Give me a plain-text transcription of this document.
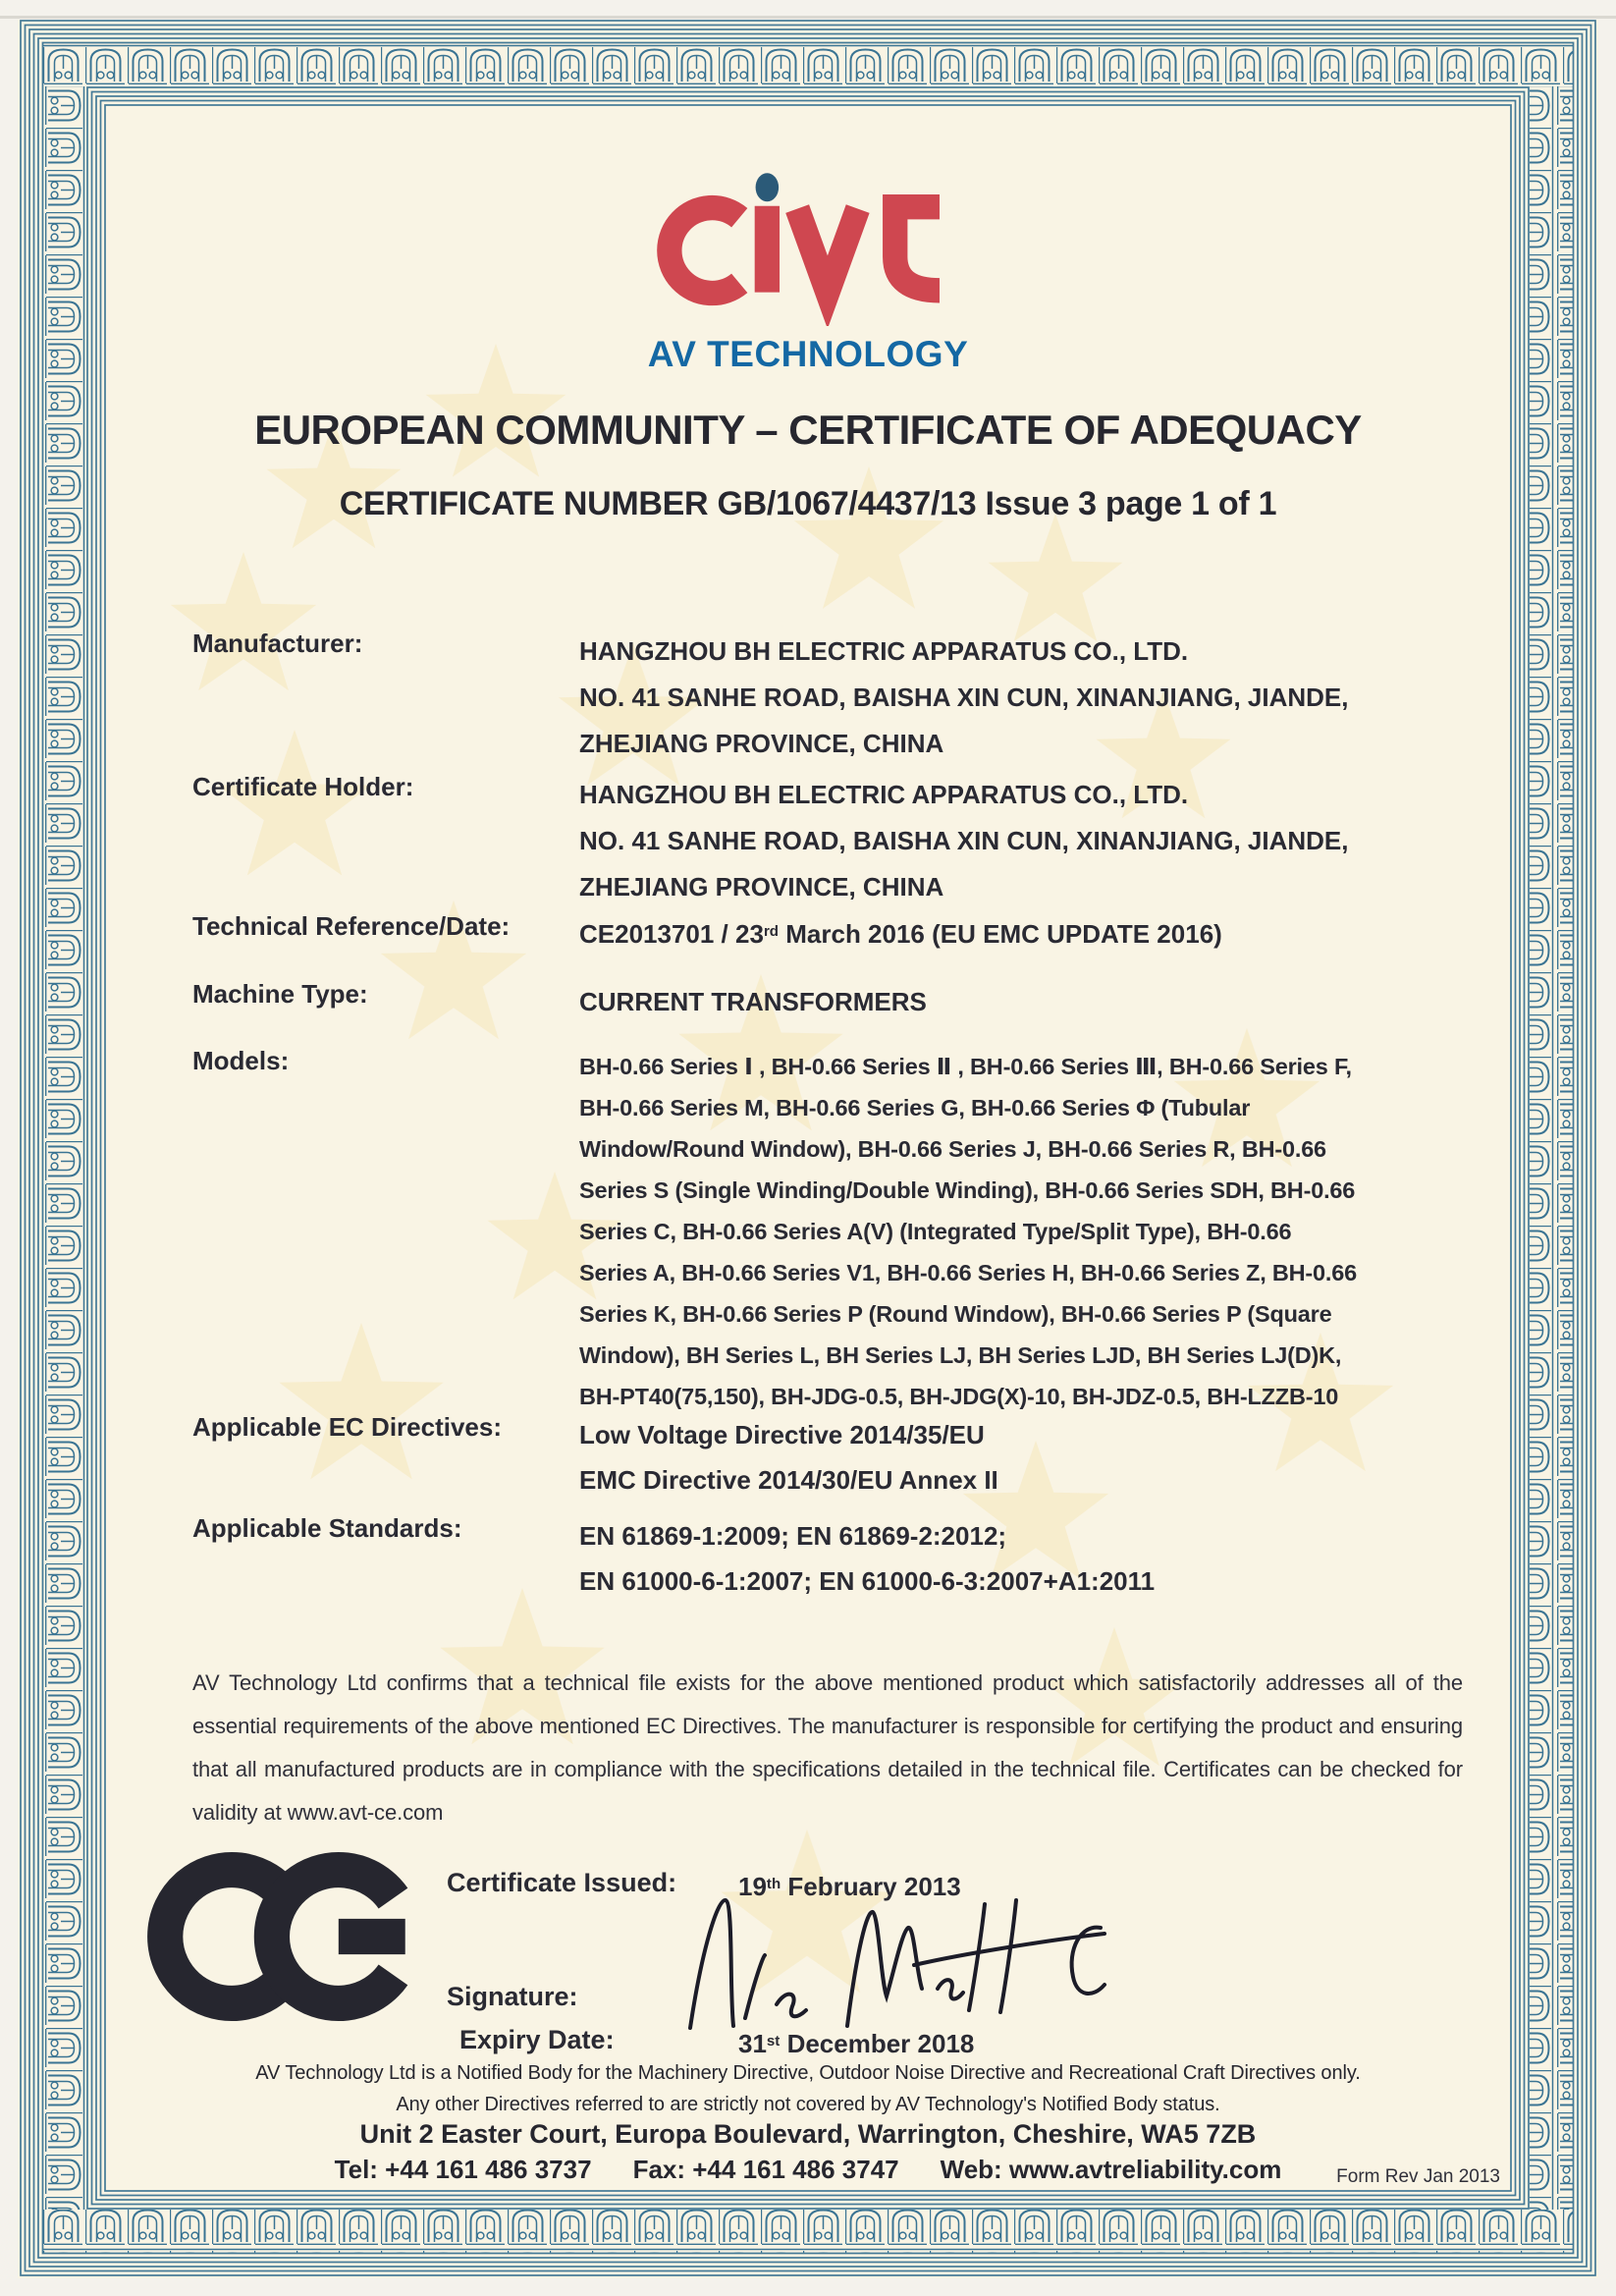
AV TECHNOLOGY
EUROPEAN COMMUNITY – CERTIFICATE OF ADEQUACY
CERTIFICATE NUMBER GB/1067/4437/13 Issue 3 page 1 of 1
Manufacturer:	HANGZHOU BH ELECTRIC APPARATUS CO., LTD.
NO. 41 SANHE ROAD, BAISHA XIN CUN, XINANJIANG, JIANDE,
ZHEJIANG PROVINCE, CHINA
Certificate Holder:	HANGZHOU BH ELECTRIC APPARATUS CO., LTD.
NO. 41 SANHE ROAD, BAISHA XIN CUN, XINANJIANG, JIANDE,
ZHEJIANG PROVINCE, CHINA
Technical Reference/Date:	CE2013701 / 23rd March 2016 (EU EMC UPDATE 2016)
Machine Type:	CURRENT TRANSFORMERS
Models:	BH-0.66 Series Ⅰ , BH-0.66 Series Ⅱ , BH-0.66 Series Ⅲ, BH-0.66 Series F,
BH-0.66 Series M, BH-0.66 Series G, BH-0.66 Series Φ (Tubular
Window/Round Window), BH-0.66 Series J, BH-0.66 Series R, BH-0.66
Series S (Single Winding/Double Winding), BH-0.66 Series SDH, BH-0.66
Series C, BH-0.66 Series A(V) (Integrated Type/Split Type), BH-0.66
Series A, BH-0.66 Series V1, BH-0.66 Series H, BH-0.66 Series Z, BH-0.66
Series K, BH-0.66 Series P (Round Window), BH-0.66 Series P (Square
Window), BH Series L, BH Series LJ, BH Series LJD, BH Series LJ(D)K,
BH-PT40(75,150), BH-JDG-0.5, BH-JDG(X)-10, BH-JDZ-0.5, BH-LZZB-10
Applicable EC Directives:	Low Voltage Directive 2014/35/EU
EMC Directive 2014/30/EU Annex II
Applicable Standards:	EN 61869-1:2009; EN 61869-2:2012;
EN 61000-6-1:2007; EN 61000-6-3:2007+A1:2011
AV Technology Ltd confirms that a technical file exists for the above mentioned product which satisfactorily addresses all of the essential requirements of the above mentioned EC Directives. The manufacturer is responsible for certifying the product and ensuring that all manufactured products are in compliance with the specifications detailed in the technical file. Certificates can be checked for validity at www.avt-ce.com
Certificate Issued: 19th February 2013
Signature:
Expiry Date:	31st December 2018
AV Technology Ltd is a Notified Body for the Machinery Directive, Outdoor Noise Directive and Recreational Craft Directives only.
Any other Directives referred to are strictly not covered by AV Technology's Notified Body status.
Unit 2 Easter Court, Europa Boulevard, Warrington, Cheshire, WA5 7ZB
Tel: +44 161 486 3737 Fax: +44 161 486 3747 Web: www.avtreliability.com	Form Rev Jan 2013
